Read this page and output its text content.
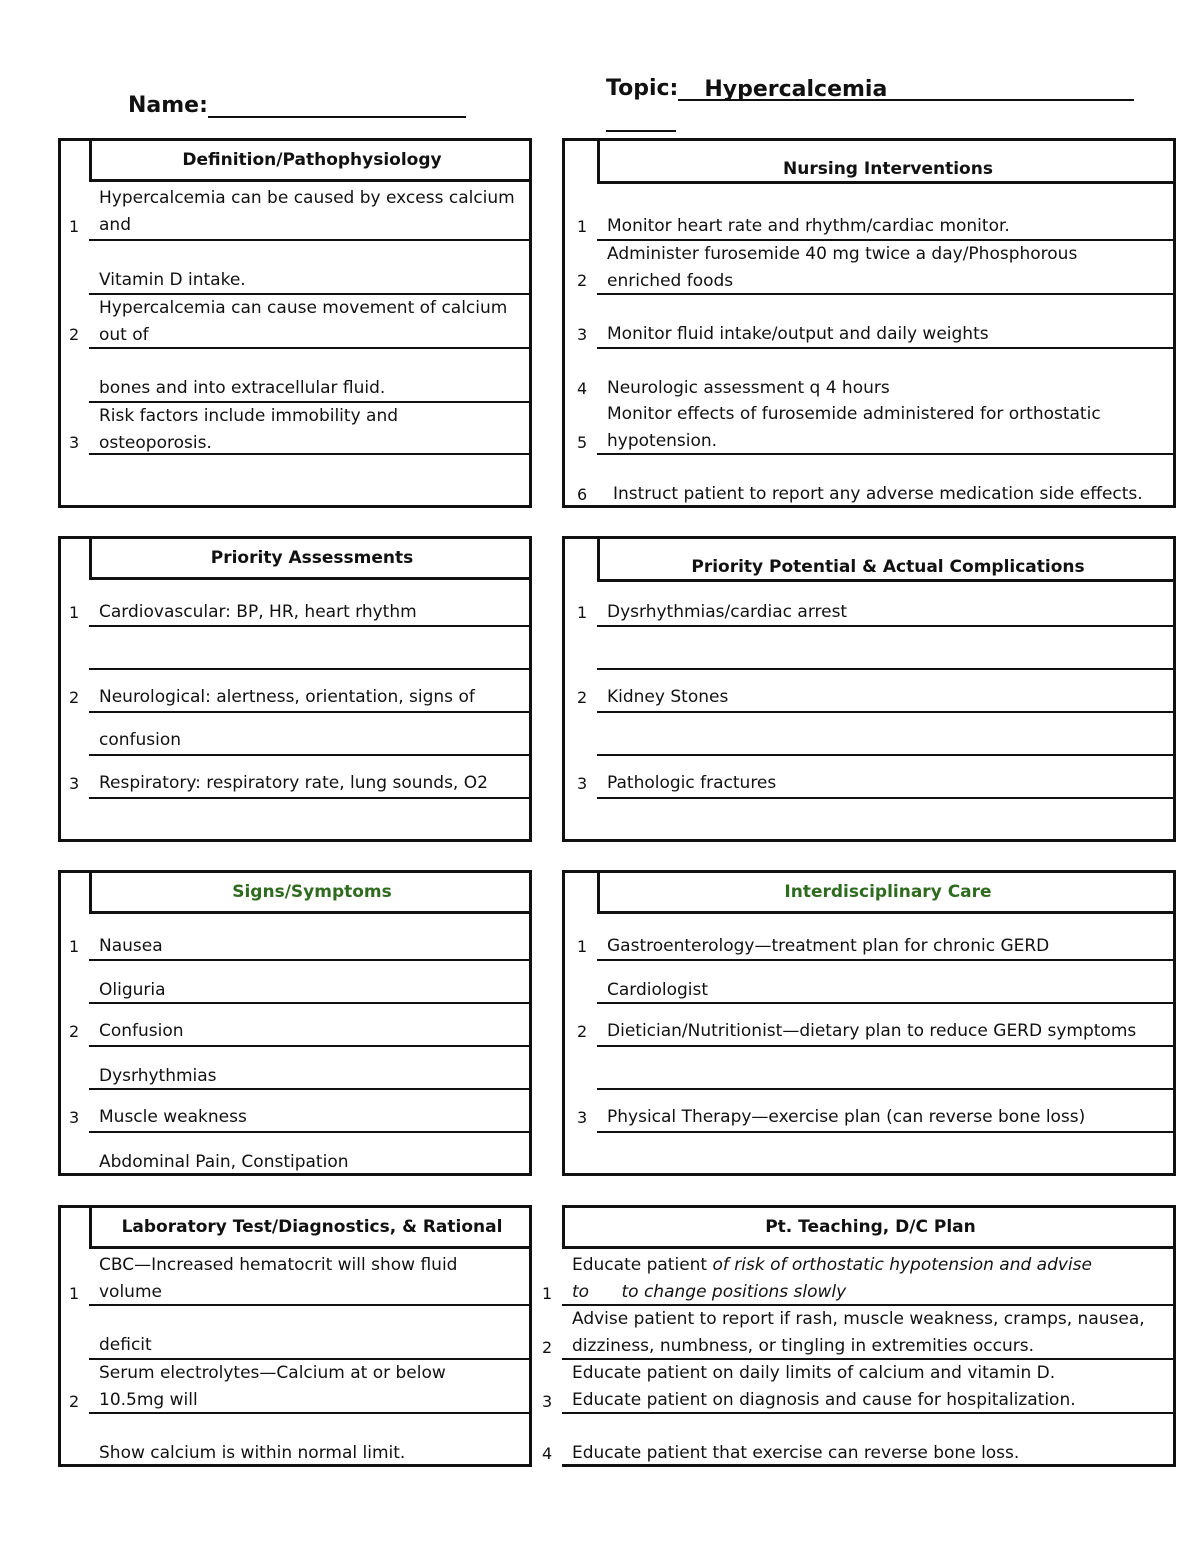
Name:
Topic: Hypercalcemia
Definition/Pathophysiology
1
Hypercalcemia can be caused by excess calcium
and
Vitamin D intake.
2
Hypercalcemia can cause movement of calcium
out of
bones and into extracellular fluid.
3
Risk factors include immobility and
osteoporosis.
Nursing Interventions
1 Monitor heart rate and rhythm/cardiac monitor.
2
Administer furosemide 40 mg twice a day/Phosphorous
enriched foods
3 Monitor fluid intake/output and daily weights
4 Neurologic assessment q 4 hours
5
Monitor effects of furosemide administered for orthostatic
hypotension.
6 Instruct patient to report any adverse medication side effects.
Priority Assessments
1 Cardiovascular: BP, HR, heart rhythm
2 Neurological: alertness, orientation, signs of
confusion
3 Respiratory: respiratory rate, lung sounds, O2
Priority Potential & Actual Complications
1 Dysrhythmias/cardiac arrest
2 Kidney Stones
3 Pathologic fractures
Signs/Symptoms
1 Nausea
Oliguria
2 Confusion
Dysrhythmias
3 Muscle weakness
Abdominal Pain, Constipation
Interdisciplinary Care
1 Gastroenterology—treatment plan for chronic GERD
Cardiologist
2 Dietician/Nutritionist—dietary plan to reduce GERD symptoms
3 Physical Therapy—exercise plan (can reverse bone loss)
Laboratory Test/Diagnostics, & Rational
1
CBC—Increased hematocrit will show fluid
volume
deficit
2
Serum electrolytes—Calcium at or below
10.5mg will
Show calcium is within normal limit.
Pt. Teaching, D/C Plan
1
Educate patient of risk of orthostatic hypotension and advise
to      to change positions slowly
2
Advise patient to report if rash, muscle weakness, cramps, nausea,
dizziness, numbness, or tingling in extremities occurs.
3
Educate patient on daily limits of calcium and vitamin D.
Educate patient on diagnosis and cause for hospitalization.
4 Educate patient that exercise can reverse bone loss.
